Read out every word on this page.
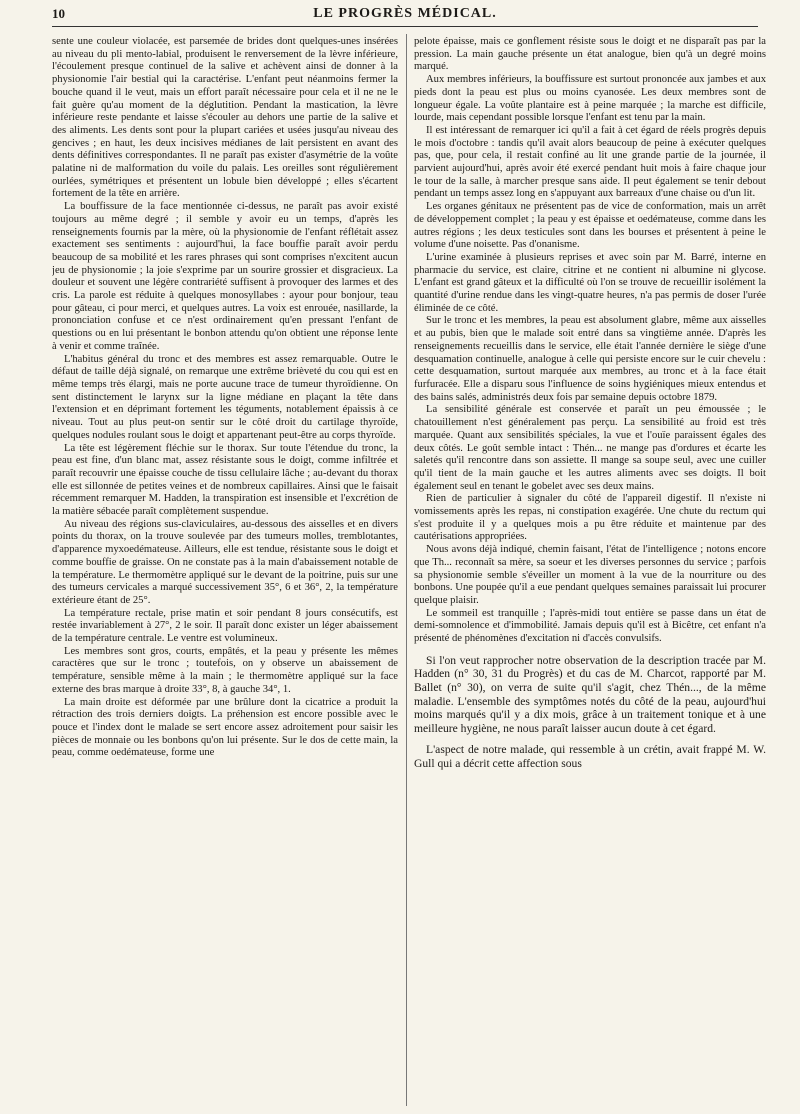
10	LE PROGRÈS MÉDICAL.

sente une couleur violacée, est parsemée de brides dont quelques-unes insérées au niveau du pli mento-labial, produisent le renversement de la lèvre inférieure, l'écoulement presque continuel de la salive et achèvent ainsi de donner à la physionomie l'air bestial qui la caractérise. L'enfant peut néanmoins fermer la bouche quand il le veut, mais un effort paraît nécessaire pour cela et il ne ne le fait guère qu'au moment de la déglutition. Pendant la mastication, la lèvre inférieure reste pendante et laisse s'écouler au dehors une partie de la salive et des aliments. Les dents sont pour la plupart cariées et usées jusqu'au niveau des gencives ; en haut, les deux incisives médianes de lait persistent en avant des dents définitives correspondantes. Il ne paraît pas exister d'asymétrie de la voûte palatine ni de malformation du voile du palais. Les oreilles sont régulièrement ourlées, symétriques et présentent un lobule bien développé ; elles s'écartent fortement de la tête en arrière.

La bouffissure de la face mentionnée ci-dessus, ne paraît pas avoir existé toujours au même degré ; il semble y avoir eu un temps, d'après les renseignements fournis par la mère, où la physionomie de l'enfant réflétait assez exactement ses sentiments : aujourd'hui, la face bouffie paraît avoir perdu beaucoup de sa mobilité et les rares phrases qui sont comprises n'excitent aucun jeu de physionomie ; la joie s'exprime par un sourire grossier et disgracieux. La douleur et souvent une légère contrariété suffisent à provoquer des larmes et des cris. La parole est réduite à quelques monosyllabes : ayour pour bonjour, teau pour gâteau, ci pour merci, et quelques autres. La voix est enrouée, nasillarde, la prononciation confuse et ce n'est ordinairement qu'en pressant l'enfant de questions ou en lui présentant le bonbon attendu qu'on obtient une réponse lente à venir et comme traînée.

L'habitus général du tronc et des membres est assez remarquable. Outre le défaut de taille déjà signalé, on remarque une extrême brièveté du cou qui est en même temps très élargi, mais ne porte aucune trace de tumeur thyroïdienne. On sent distinctement le larynx sur la ligne médiane en plaçant la tête dans l'extension et en déprimant fortement les téguments, notablement épaissis à ce niveau. Tout au plus peut-on sentir sur le côté droit du cartilage thyroïde, quelques nodules roulant sous le doigt et appartenant peut-être au corps thyroïde.

La tête est légèrement fléchie sur le thorax. Sur toute l'étendue du tronc, la peau est fine, d'un blanc mat, assez résistante sous le doigt, comme infiltrée et paraît recouvrir une épaisse couche de tissu cellulaire lâche ; au-devant du thorax elle est sillonnée de petites veines et de nombreux capillaires. Ainsi que le faisait récemment remarquer M. Hadden, la transpiration est insensible et l'excrétion de la matière sébacée paraît complètement suspendue.

Au niveau des régions sus-claviculaires, au-dessous des aisselles et en divers points du thorax, on la trouve soulevée par des tumeurs molles, tremblotantes, d'apparence myxoedémateuse. Ailleurs, elle est tendue, résistante sous le doigt et comme bouffie de graisse. On ne constate pas à la main d'abaissement notable de la température. Le thermomètre appliqué sur le devant de la poitrine, puis sur une des tumeurs cervicales a marqué successivement 35°, 6 et 36°, 2, la température extérieure étant de 25°.

La température rectale, prise matin et soir pendant 8 jours consécutifs, est restée invariablement à 27°, 2 le soir. Il paraît donc exister un léger abaissement de la température centrale. Le ventre est volumineux.

Les membres sont gros, courts, empâtés, et la peau y présente les mêmes caractères que sur le tronc ; toutefois, on y observe un abaissement de température, sensible même à la main ; le thermomètre appliqué sur la face externe des bras marque à droite 33°, 8, à gauche 34°, 1.

La main droite est déformée par une brûlure dont la cicatrice a produit la rétraction des trois derniers doigts. La préhension est encore possible avec le pouce et l'index dont le malade se sert encore assez adroitement pour saisir les pièces de monnaie ou les bonbons qu'on lui présente. Sur le dos de cette main, la peau, comme oedémateuse, forme une

pelote épaisse, mais ce gonflement résiste sous le doigt et ne disparaît pas par la pression. La main gauche présente un état analogue, bien qu'à un degré moins marqué.

Aux membres inférieurs, la bouffissure est surtout prononcée aux jambes et aux pieds dont la peau est plus ou moins cyanosée. Les deux membres sont de longueur égale. La voûte plantaire est à peine marquée ; la marche est difficile, lourde, mais cependant possible lorsque l'enfant est tenu par la main.

Il est intéressant de remarquer ici qu'il a fait à cet égard de réels progrès depuis le mois d'octobre : tandis qu'il avait alors beaucoup de peine à exécuter quelques pas, que, pour cela, il restait confiné au lit une grande partie de la journée, il parvient aujourd'hui, après avoir été exercé pendant huit mois à faire chaque jour le tour de la salle, à marcher presque sans aide. Il peut également se tenir debout pendant un temps assez long en s'appuyant aux barreaux d'une chaise ou d'un lit.

Les organes génitaux ne présentent pas de vice de conformation, mais un arrêt de développement complet ; la peau y est épaisse et oedémateuse, comme dans les autres régions ; les deux testicules sont dans les bourses et présentent à peine le volume d'une noisette. Pas d'onanisme.

L'urine examinée à plusieurs reprises et avec soin par M. Barré, interne en pharmacie du service, est claire, citrine et ne contient ni albumine ni glycose. L'enfant est grand gâteux et la difficulté où l'on se trouve de recueillir isolément la quantité d'urine rendue dans les vingt-quatre heures, n'a pas permis de doser l'urée éliminée de ce côté.

Sur le tronc et les membres, la peau est absolument glabre, même aux aisselles et au pubis, bien que le malade soit entré dans sa vingtième année. D'après les renseignements recueillis dans le service, elle était l'année dernière le siège d'une desquamation continuelle, analogue à celle qui persiste encore sur le cuir chevelu : cette desquamation, surtout marquée aux membres, au tronc et à la face était furfuracée. Elle a disparu sous l'influence de soins hygiéniques mieux entendus et des bains salés, administrés deux fois par semaine depuis octobre 1879.

La sensibilité générale est conservée et paraît un peu émoussée ; le chatouillement n'est généralement pas perçu. La sensibilité au froid est très marquée. Quant aux sensibilités spéciales, la vue et l'ouïe paraissent égales des deux côtés. Le goût semble intact : Thén... ne mange pas d'ordures et écarte les saletés qu'il rencontre dans son assiette. Il mange sa soupe seul, avec une cuiller qu'il tient de la main gauche et les autres aliments avec ses doigts. Il boit également seul en tenant le gobelet avec ses deux mains.

Rien de particulier à signaler du côté de l'appareil digestif. Il n'existe ni vomissements après les repas, ni constipation exagérée. Une chute du rectum qui s'est produite il y a quelques mois a pu être réduite et maintenue par des cautérisations appropriées.

Nous avons déjà indiqué, chemin faisant, l'état de l'intelligence ; notons encore que Th... reconnaît sa mère, sa soeur et les diverses personnes du service ; parfois sa physionomie semble s'éveiller un moment à la vue de la nourriture ou des bonbons. Une poupée qu'il a eue pendant quelques semaines paraissait lui procurer quelque plaisir.

Le sommeil est tranquille ; l'après-midi tout entière se passe dans un état de demi-somnolence et d'immobilité. Jamais depuis qu'il est à Bicêtre, cet enfant n'a présenté de phénomènes d'excitation ni d'accès convulsifs.

Si l'on veut rapprocher notre observation de la description tracée par M. Hadden (n° 30, 31 du Progrès) et du cas de M. Charcot, rapporté par M. Ballet (n° 30), on verra de suite qu'il s'agit, chez Thén..., de la même maladie. L'ensemble des symptômes notés du côté de la peau, aujourd'hui moins marqués qu'il y a dix mois, grâce à un traitement tonique et à une meilleure hygiène, ne nous paraît laisser aucun doute à cet égard.

L'aspect de notre malade, qui ressemble à un crétin, avait frappé M. W. Gull qui a décrit cette affection sous
